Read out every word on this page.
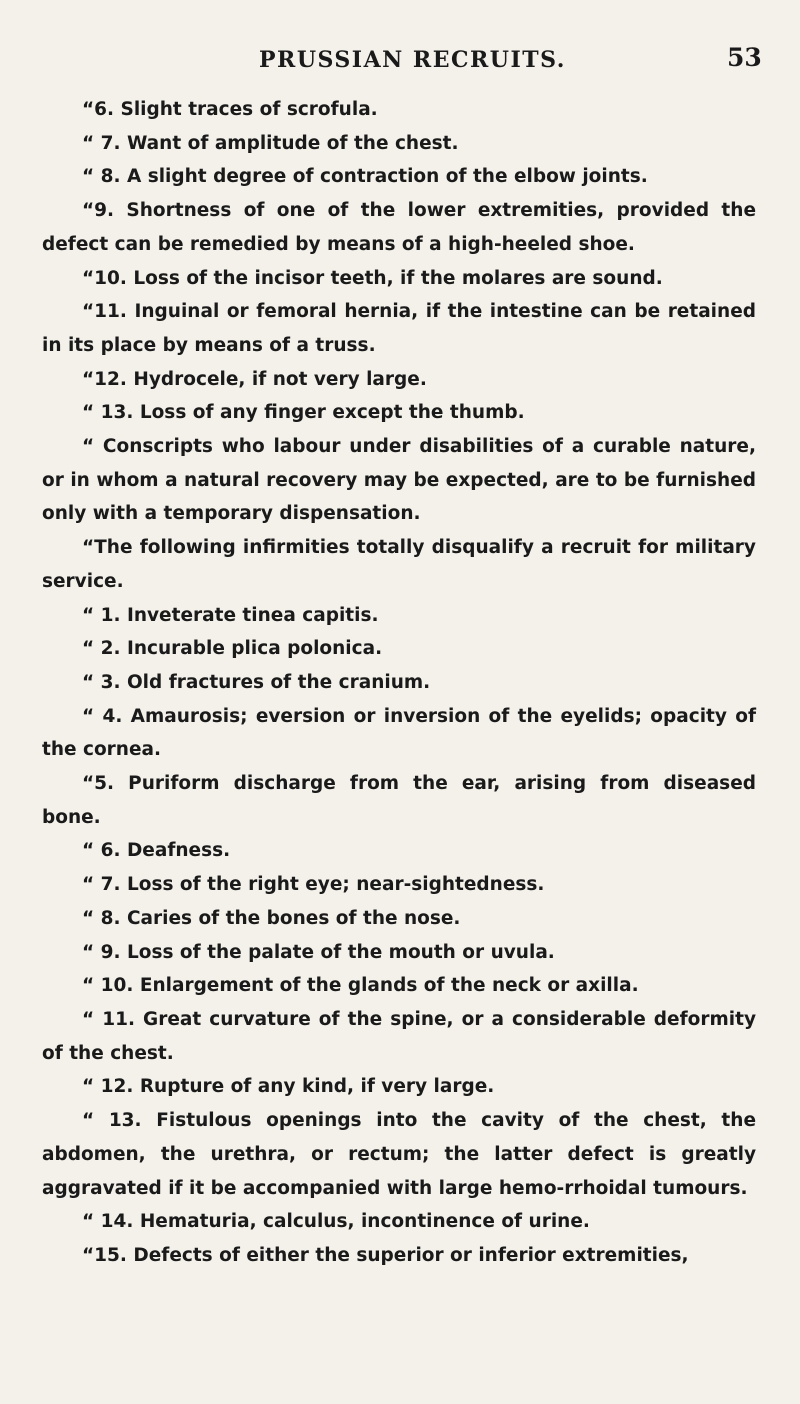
PRUSSIAN RECRUITS.	53

“6. Slight traces of scrofula.

“ 7. Want of amplitude of the chest.

“ 8. A slight degree of contraction of the elbow joints.

“9. Shortness of one of the lower extremities, provided the defect can be remedied by means of a high-heeled shoe.

“10. Loss of the incisor teeth, if the molares are sound.

“11. Inguinal or femoral hernia, if the intestine can be retained in its place by means of a truss.

“12. Hydrocele, if not very large.

“ 13. Loss of any finger except the thumb.

“ Conscripts who labour under disabilities of a curable nature, or in whom a natural recovery may be expected, are to be furnished only with a temporary dispensation.

“The following infirmities totally disqualify a recruit for military service.

“ 1. Inveterate tinea capitis.

“ 2. Incurable plica polonica.

“ 3. Old fractures of the cranium.

“ 4. Amaurosis; eversion or inversion of the eyelids; opacity of the cornea.

“5. Puriform discharge from the ear, arising from diseased bone.

“ 6. Deafness.

“ 7. Loss of the right eye; near-sightedness.

“ 8. Caries of the bones of the nose.

“ 9. Loss of the palate of the mouth or uvula.

“ 10. Enlargement of the glands of the neck or axilla.

“ 11. Great curvature of the spine, or a considerable deformity of the chest.

“ 12. Rupture of any kind, if very large.

“ 13. Fistulous openings into the cavity of the chest, the abdomen, the urethra, or rectum; the latter defect is greatly aggravated if it be accompanied with large hemo-rrhoidal tumours.

“ 14. Hematuria, calculus, incontinence of urine.

“15. Defects of either the superior or inferior extremities,
